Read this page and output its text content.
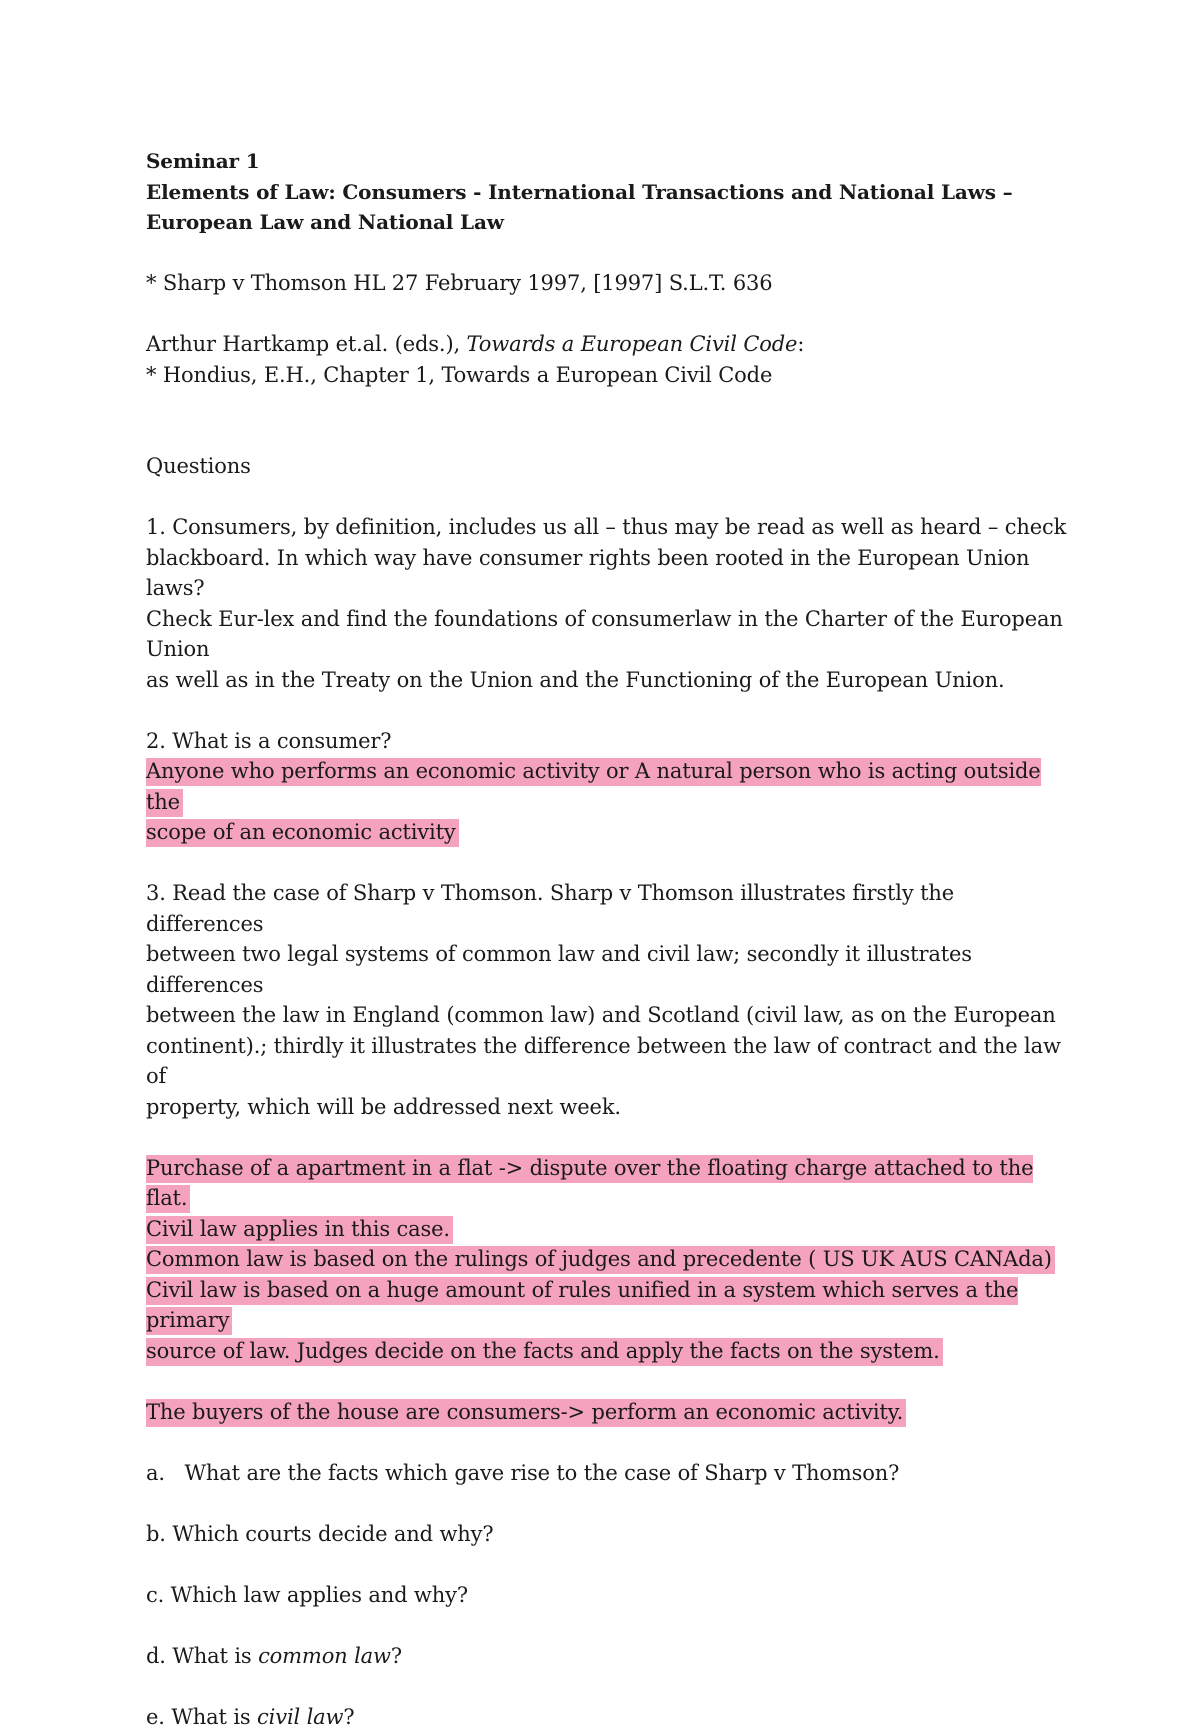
Seminar 1

Elements of Law: Consumers - International Transactions and National Laws –

European Law and National Law

* Sharp v Thomson HL 27 February 1997, [1997] S.L.T. 636

Arthur Hartkamp et.al. (eds.), Towards a European Civil Code:

* Hondius, E.H., Chapter 1, Towards a European Civil Code

Questions

1. Consumers, by definition, includes us all – thus may be read as well as heard – check

blackboard. In which way have consumer rights been rooted in the European Union laws?

Check Eur-lex and find the foundations of consumerlaw in the Charter of the European Union

as well as in the Treaty on the Union and the Functioning of the European Union.

2. What is a consumer?

Anyone who performs an economic activity or A natural person who is acting outside the

scope of an economic activity

3. Read the case of Sharp v Thomson. Sharp v Thomson illustrates firstly the differences

between two legal systems of common law and civil law; secondly it illustrates differences

between the law in England (common law) and Scotland (civil law, as on the European

continent).; thirdly it illustrates the difference between the law of contract and the law of

property, which will be addressed next week.

Purchase of a apartment in a flat -> dispute over the floating charge attached to the flat.

Civil law applies in this case.

Common law is based on the rulings of judges and precedente ( US UK AUS CANAda)

Civil law is based on a huge amount of rules unified in a system which serves a the primary

source of law. Judges decide on the facts and apply the facts on the system.

The buyers of the house are consumers-> perform an economic activity.

a.   What are the facts which gave rise to the case of Sharp v Thomson?

b. Which courts decide and why?

c. Which law applies and why?

d. What is common law?

e. What is civil law?
